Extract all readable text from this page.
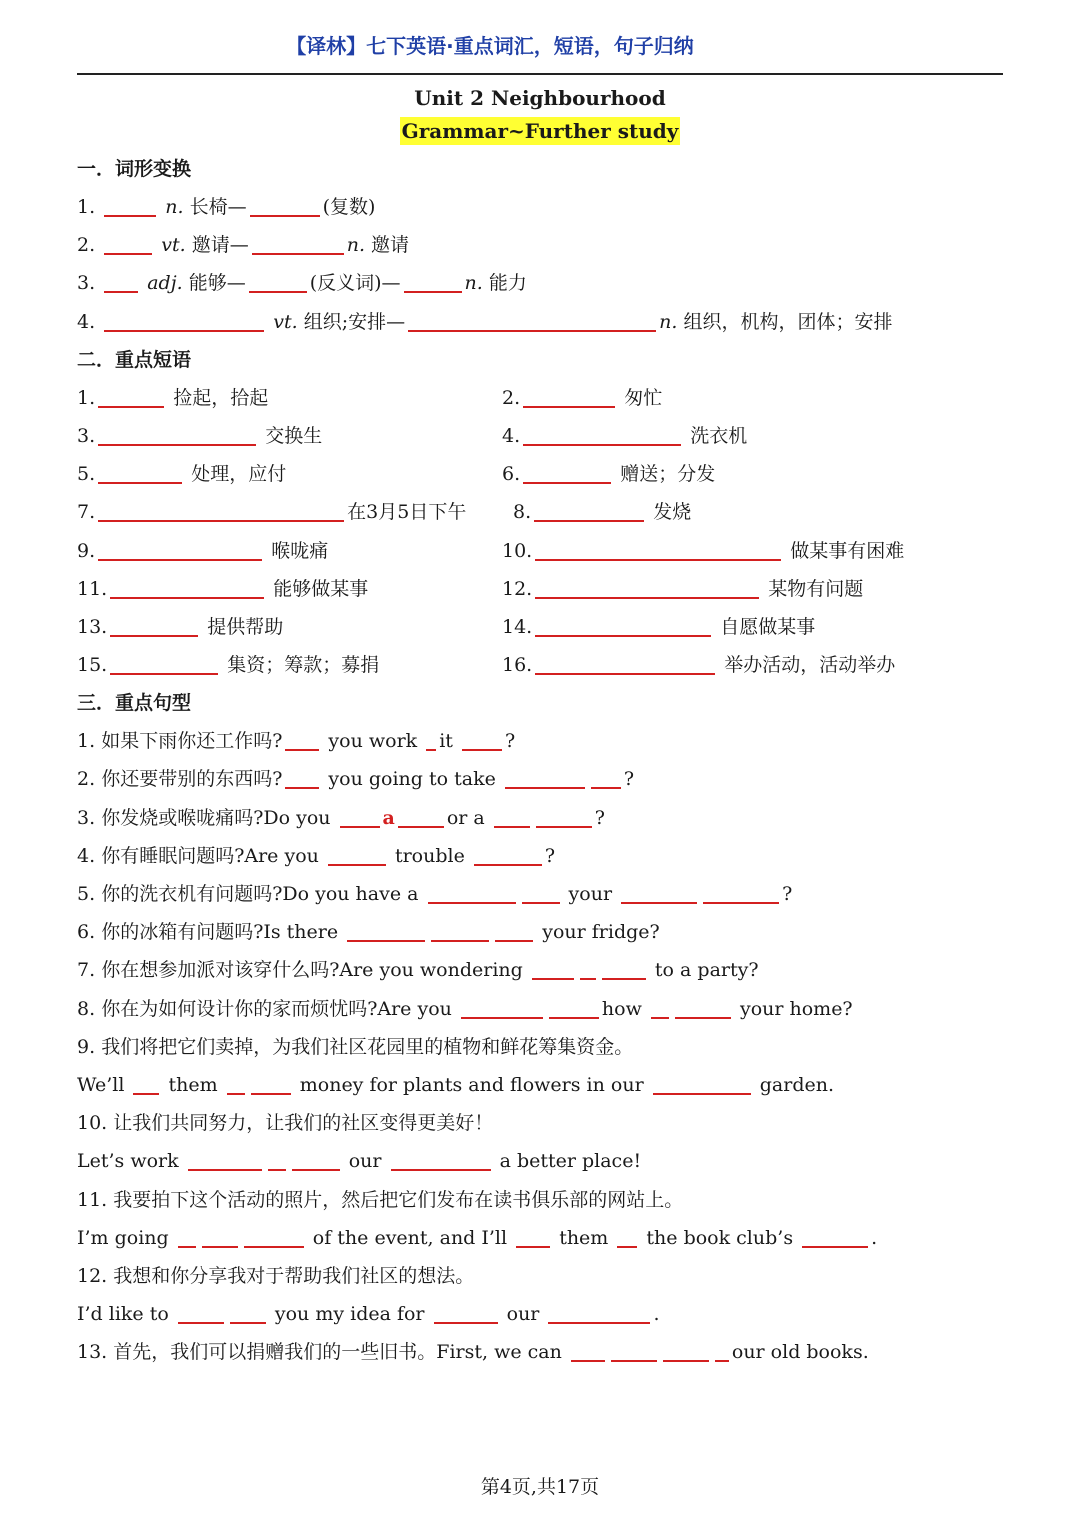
【译林】七下英语·重点词汇，短语，句子归纳
Unit 2 Neighbourhood
Grammar~Further study
一．词形变换
1.	n. 长椅—	(复数)
2.	vt. 邀请—	n. 邀请
3.	adj. 能够—	(反义词)—	n. 能力
4.	vt. 组织;安排—	n. 组织，机构，团体；安排
二．重点短语
1.	捡起，拾起	2.	匆忙
3.	交换生	4.	洗衣机
5.	处理，应付	6.	赠送；分发
7.	在3月5日下午 8.	发烧
9.	喉咙痛	10.	做某事有困难
11.	能够做某事	12.	某物有问题
13.	提供帮助	14.	自愿做某事
15.	集资；筹款；募捐	16.	举办活动，活动举办
三．重点句型
1. 如果下雨你还工作吗? you work it	?
2. 你还要带别的东西吗? you going to take	?
3. 你发烧或喉咙痛吗?Do you	a	or a	?
4. 你有睡眠问题吗?Are you	trouble	?
5. 你的洗衣机有问题吗?Do you have a	your	?
6. 你的冰箱有问题吗?Is there	your fridge?
7. 你在想参加派对该穿什么吗?Are you wondering	to a party?
8. 你在为如何设计你的家而烦忧吗?Are you	how	your home?
9. 我们将把它们卖掉，为我们社区花园里的植物和鲜花筹集资金。
We’ll them	money for plants and flowers in our	garden.
10. 让我们共同努力，让我们的社区变得更美好！
Let’s work	our	a better place!
11. 我要拍下这个活动的照片，然后把它们发布在读书俱乐部的网站上。
I’m going	of the event, and I’ll	them the book club’s	.
12. 我想和你分享我对于帮助我们社区的想法。
I’d like to	you my idea for	our	.
13. 首先，我们可以捐赠我们的一些旧书。First, we can	our old books.
第4页,共17页
